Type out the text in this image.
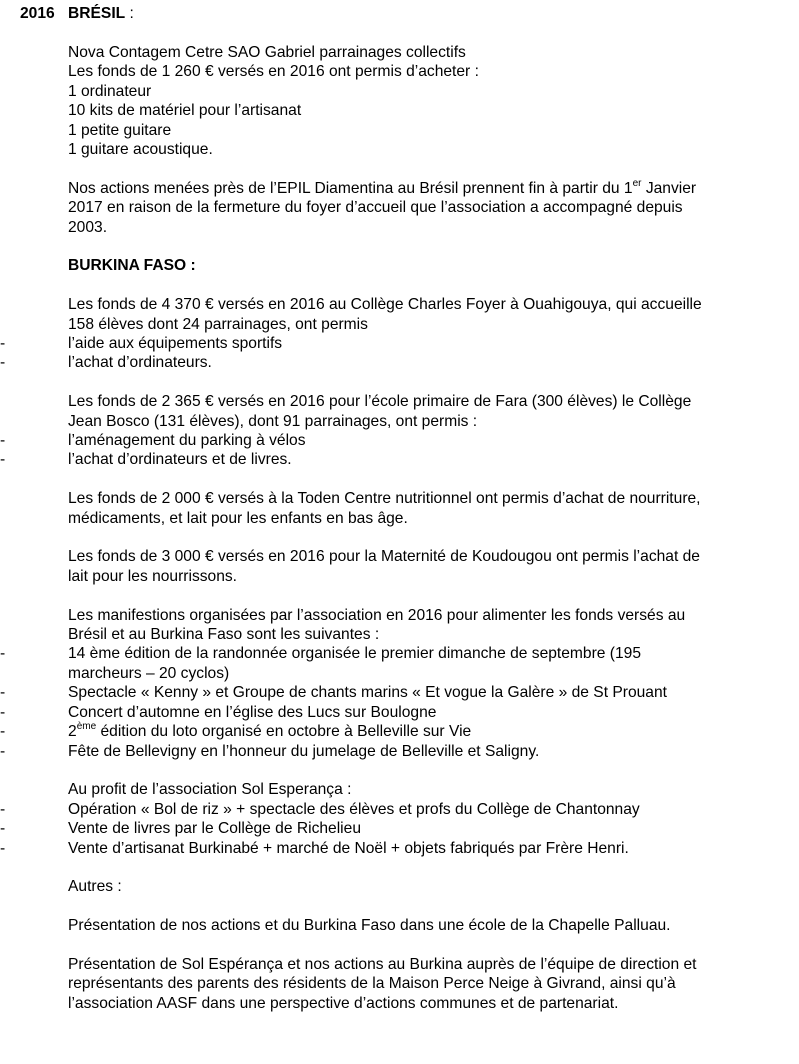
2016 BRÉSIL :

Nova Contagem Cetre SAO Gabriel parrainages collectifs

Les fonds de 1 260 € versés en 2016 ont permis d’acheter :

1 ordinateur

10 kits de matériel pour l’artisanat

1 petite guitare

1 guitare acoustique.

Nos actions menées près de l’EPIL Diamentina au Brésil prennent fin à partir du 1er Janvier

2017 en raison de la fermeture du foyer d’accueil que l’association a accompagné depuis

2003.

BURKINA FASO :

Les fonds de 4 370 € versés en 2016 au Collège Charles Foyer à Ouahigouya, qui accueille

158 élèves dont 24 parrainages, ont permis

-	l’aide aux équipements sportifs

-	l’achat d’ordinateurs.

Les fonds de 2 365 € versés en 2016 pour l’école primaire de Fara (300 élèves) le Collège

Jean Bosco (131 élèves), dont 91 parrainages, ont permis :

-	l’aménagement du parking à vélos

-	l’achat d’ordinateurs et de livres.

Les fonds de 2 000 € versés à la Toden Centre nutritionnel ont permis d’achat de nourriture,

médicaments, et lait pour les enfants en bas âge.

Les fonds de 3 000 € versés en 2016 pour la Maternité de Koudougou ont permis l’achat de

lait pour les nourrissons.

Les manifestions organisées par l’association en 2016 pour alimenter les fonds versés au

Brésil et au Burkina Faso sont les suivantes :

-	14 ème édition de la randonnée organisée le premier dimanche de septembre (195

marcheurs – 20 cyclos)

-	Spectacle « Kenny » et Groupe de chants marins « Et vogue la Galère » de St Prouant

-	Concert d’automne en l’église des Lucs sur Boulogne

-	2ème édition du loto organisé en octobre à Belleville sur Vie

-	Fête de Bellevigny en l’honneur du jumelage de Belleville et Saligny.

Au profit de l’association Sol Esperança :

-	Opération « Bol de riz » + spectacle des élèves et profs du Collège de Chantonnay

-	Vente de livres par le Collège de Richelieu

-	Vente d’artisanat Burkinabé + marché de Noël + objets fabriqués par Frère Henri.

Autres :

Présentation de nos actions et du Burkina Faso dans une école de la Chapelle Palluau.

Présentation de Sol Espérança et nos actions au Burkina auprès de l’équipe de direction et

représentants des parents des résidents de la Maison Perce Neige à Givrand, ainsi qu’à

l’association AASF dans une perspective d’actions communes et de partenariat.
